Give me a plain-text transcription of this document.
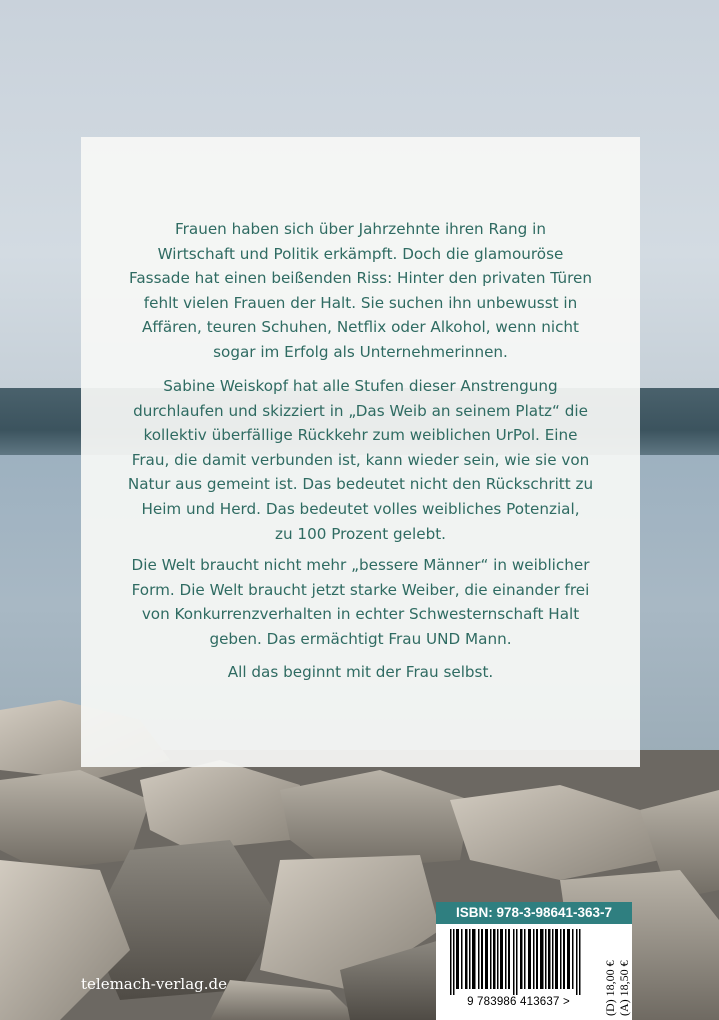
Frauen haben sich über Jahrzehnte ihren Rang in
Wirtschaft und Politik erkämpft. Doch die glamouröse
Fassade hat einen beißenden Riss: Hinter den privaten Türen
fehlt vielen Frauen der Halt. Sie suchen ihn unbewusst in
Affären, teuren Schuhen, Netflix oder Alkohol, wenn nicht
sogar im Erfolg als Unternehmerinnen.
Sabine Weiskopf hat alle Stufen dieser Anstrengung
durchlaufen und skizziert in „Das Weib an seinem Platz“ die
kollektiv überfällige Rückkehr zum weiblichen UrPol. Eine
Frau, die damit verbunden ist, kann wieder sein, wie sie von
Natur aus gemeint ist. Das bedeutet nicht den Rückschritt zu
Heim und Herd. Das bedeutet volles weibliches Potenzial,
zu 100 Prozent gelebt.
Die Welt braucht nicht mehr „bessere Männer“ in weiblicher
Form. Die Welt braucht jetzt starke Weiber, die einander frei
von Konkurrenzverhalten in echter Schwesternschaft Halt
geben. Das ermächtigt Frau UND Mann.
All das beginnt mit der Frau selbst.
telemach-verlag.de
ISBN: 978-3-98641-363-7
9 783986 413637 >	(D) 18,00 € (A) 18,50 €
